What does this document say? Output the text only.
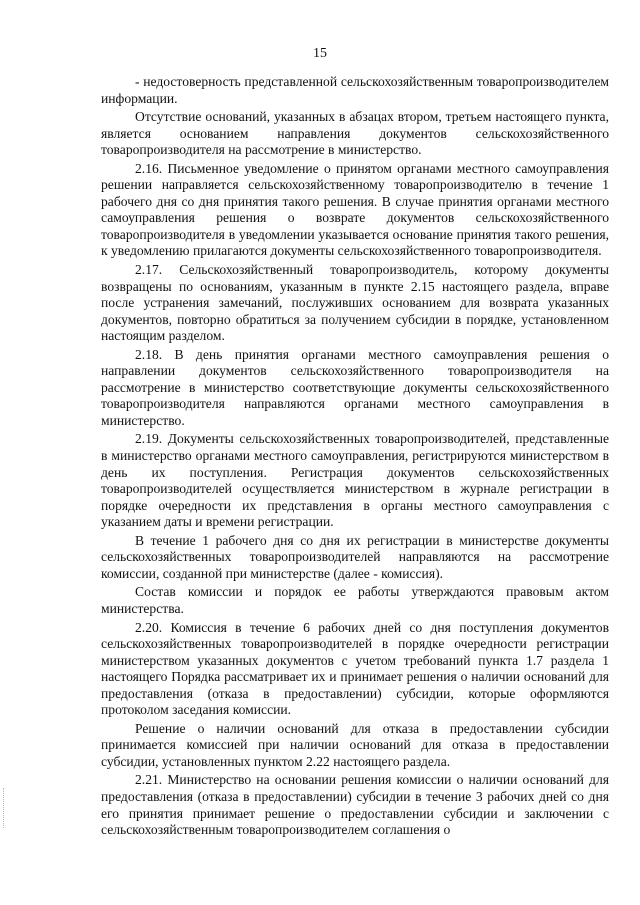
15

- недостоверность представленной сельскохозяйственным товаропроизводителем информации.

Отсутствие оснований, указанных в абзацах втором, третьем настоящего пункта, является основанием направления документов сельскохозяйственного товаропроизводителя на рассмотрение в министерство.

2.16. Письменное уведомление о принятом органами местного самоуправления решении направляется сельскохозяйственному товаропроизводителю в течение 1 рабочего дня со дня принятия такого решения. В случае принятия органами местного самоуправления решения о возврате документов сельскохозяйственного товаропроизводителя в уведомлении указывается основание принятия такого решения, к уведомлению прилагаются документы сельскохозяйственного товаропроизводителя.

2.17. Сельскохозяйственный товаропроизводитель, которому документы возвращены по основаниям, указанным в пункте 2.15 настоящего раздела, вправе после устранения замечаний, послуживших основанием для возврата указанных документов, повторно обратиться за получением субсидии в порядке, установленном настоящим разделом.

2.18. В день принятия органами местного самоуправления решения о направлении документов сельскохозяйственного товаропроизводителя на рассмотрение в министерство соответствующие документы сельскохозяйственного товаропроизводителя направляются органами местного самоуправления в министерство.

2.19. Документы сельскохозяйственных товаропроизводителей, представленные в министерство органами местного самоуправления, регистрируются министерством в день их поступления. Регистрация документов сельскохозяйственных товаропроизводителей осуществляется министерством в журнале регистрации в порядке очередности их представления в органы местного самоуправления с указанием даты и времени регистрации.

В течение 1 рабочего дня со дня их регистрации в министерстве документы сельскохозяйственных товаропроизводителей направляются на рассмотрение комиссии, созданной при министерстве (далее - комиссия).

Состав комиссии и порядок ее работы утверждаются правовым актом министерства.

2.20. Комиссия в течение 6 рабочих дней со дня поступления документов сельскохозяйственных товаропроизводителей в порядке очередности регистрации министерством указанных документов с учетом требований пункта 1.7 раздела 1 настоящего Порядка рассматривает их и принимает решения о наличии оснований для предоставления (отказа в предоставлении) субсидии, которые оформляются протоколом заседания комиссии.

Решение о наличии оснований для отказа в предоставлении субсидии принимается комиссией при наличии оснований для отказа в предоставлении субсидии, установленных пунктом 2.22 настоящего раздела.

2.21. Министерство на основании решения комиссии о наличии оснований для предоставления (отказа в предоставлении) субсидии в течение 3 рабочих дней со дня его принятия принимает решение о предоставлении субсидии и заключении с сельскохозяйственным товаропроизводителем соглашения о
